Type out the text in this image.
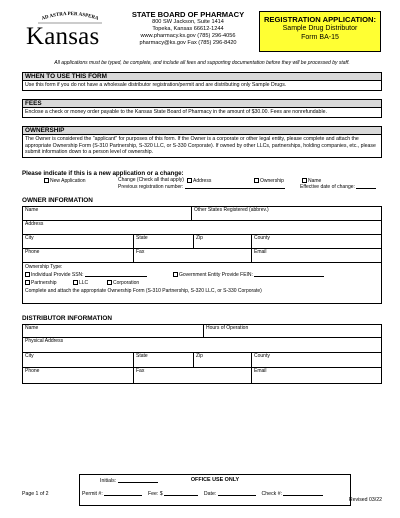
AD ASTRA PER ASPERA
Kansas
STATE BOARD OF PHARMACY
800 SW Jackson, Suite 1414
Topeka, Kansas 66612-1244
www.pharmacy.ks.gov (785) 296-4056
pharmacy@ks.gov Fax (785) 296-8420
REGISTRATION APPLICATION:
Sample Drug Distributor
Form BA-15
All applications must be typed, be complete, and include all fees and supporting documentation before they will be processed by staff.
WHEN TO USE THIS FORM
Use this form if you do not have a wholesale distributor registration/permit and are distributing only Sample Drugs.
FEES
Enclose a check or money order payable to the Kansas State Board of Pharmacy in the amount of $30.00. Fees are nonrefundable.
OWNERSHIP
The Owner is considered the "applicant" for purposes of this form. If the Owner is a corporate or other legal entity, please complete and attach the appropriate Ownership Form (S-310 Partnership, S-320 LLC, or S-330 Corporate). If owned by other LLCs, partnerships, holding companies, etc., please submit information down to a person level of ownership.
Please indicate if this is a new application or a change:
New Application	Change (Check all that apply)	Address	Ownership	Name
Previous registration number:	Effective date of change:
OWNER INFORMATION
Name	Other States Registered (abbrev.)
Address
City	State	Zip	County
Phone	Fax	Email
Ownership Type:
Individual Provide SSN:	Government Entity Provide FEIN:
Partnership	LLC	Corporation
Complete and attach the appropriate Ownership Form (S-310 Partnership, S-320 LLC, or S-330 Corporate)
DISTRIBUTOR INFORMATION
Name	Hours of Operation
Physical Address
City	State	Zip	County
Phone	Fax	Email
Page 1 of 2
OFFICE USE ONLY
Initials:
Permit #:	Fee: $	Date:	Check #:
Revised 03/22
